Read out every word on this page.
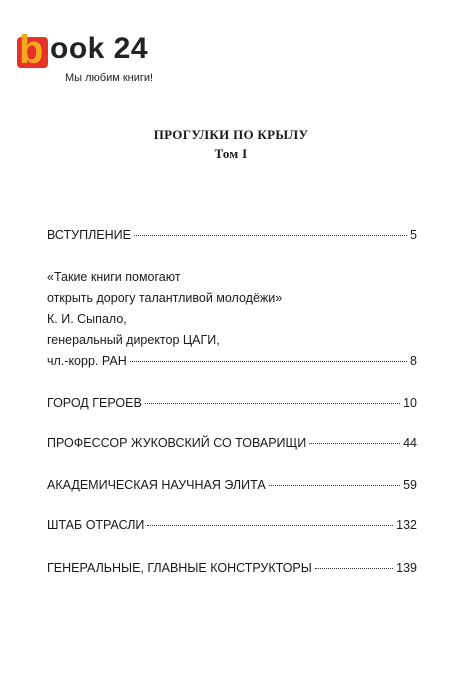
b ook 24
Мы любим книги!
ПРОГУЛКИ ПО КРЫЛУ
Том I
ВСТУПЛЕНИЕ	5
«Такие книги помогают
открыть дорогу талантливой молодёжи»
К. И. Сыпало,
генеральный директор ЦАГИ,
чл.-корр. РАН	8
ГОРОД ГЕРОЕВ	10
ПРОФЕССОР ЖУКОВСКИЙ СО ТОВАРИЩИ	44
АКАДЕМИЧЕСКАЯ НАУЧНАЯ ЭЛИТА	59
ШТАБ ОТРАСЛИ	132
ГЕНЕРАЛЬНЫЕ, ГЛАВНЫЕ КОНСТРУКТОРЫ	139
